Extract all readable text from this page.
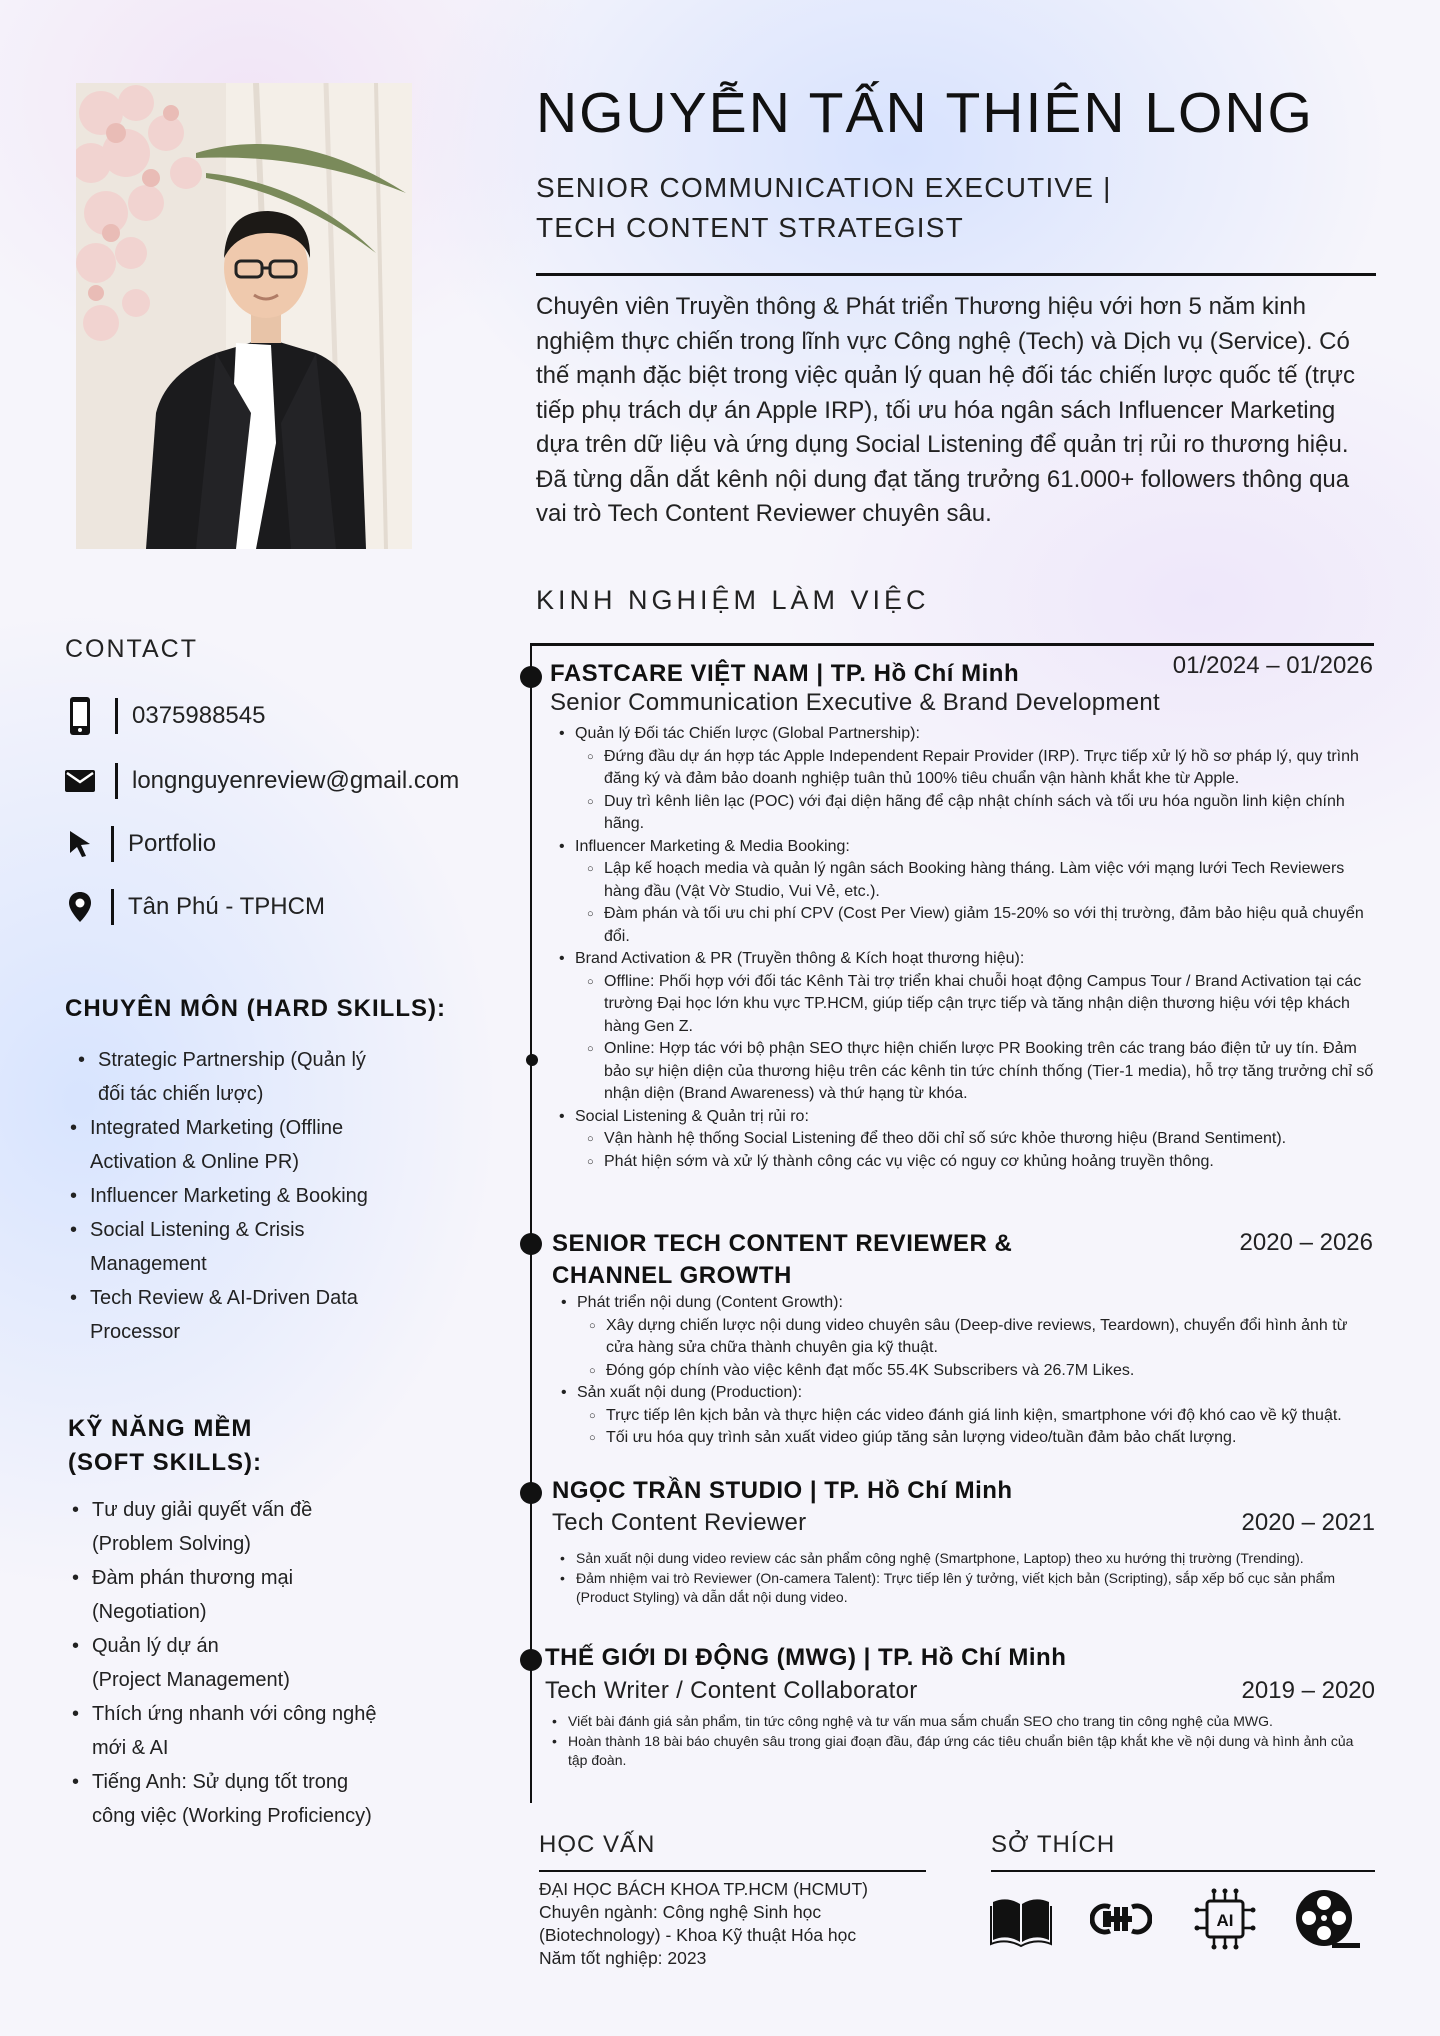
NGUYỄN TẤN THIÊN LONG
SENIOR COMMUNICATION EXECUTIVE |
TECH CONTENT STRATEGIST
Chuyên viên Truyền thông & Phát triển Thương hiệu với hơn 5 năm kinh nghiệm thực chiến trong lĩnh vực Công nghệ (Tech) và Dịch vụ (Service). Có thế mạnh đặc biệt trong việc quản lý quan hệ đối tác chiến lược quốc tế (trực tiếp phụ trách dự án Apple IRP), tối ưu hóa ngân sách Influencer Marketing dựa trên dữ liệu và ứng dụng Social Listening để quản trị rủi ro thương hiệu. Đã từng dẫn dắt kênh nội dung đạt tăng trưởng 61.000+ followers thông qua vai trò Tech Content Reviewer chuyên sâu.
CONTACT
0375988545
longnguyenreview@gmail.com
Portfolio
Tân Phú - TPHCM
CHUYÊN MÔN (HARD SKILLS):
• Strategic Partnership (Quản lý
đối tác chiến lược)
• Integrated Marketing (Offline
Activation & Online PR)
• Influencer Marketing & Booking
• Social Listening & Crisis
Management
• Tech Review & AI-Driven Data
Processor
KỸ NĂNG MỀM
(SOFT SKILLS):
• Tư duy giải quyết vấn đề
(Problem Solving)
• Đàm phán thương mại
(Negotiation)
• Quản lý dự án
(Project Management)
• Thích ứng nhanh với công nghệ
mới & AI
• Tiếng Anh: Sử dụng tốt trong
công việc (Working Proficiency)
KINH NGHIỆM LÀM VIỆC
FASTCARE VIỆT NAM | TP. Hồ Chí Minh	01/2024 – 01/2026
Senior Communication Executive & Brand Development
• Quản lý Đối tác Chiến lược (Global Partnership):
○ Đứng đầu dự án hợp tác Apple Independent Repair Provider (IRP). Trực tiếp xử lý hồ sơ pháp lý, quy trình đăng ký và đảm bảo doanh nghiệp tuân thủ 100% tiêu chuẩn vận hành khắt khe từ Apple.
○ Duy trì kênh liên lạc (POC) với đại diện hãng để cập nhật chính sách và tối ưu hóa nguồn linh kiện chính hãng.
• Influencer Marketing & Media Booking:
○ Lập kế hoạch media và quản lý ngân sách Booking hàng tháng. Làm việc với mạng lưới Tech Reviewers hàng đầu (Vật Vờ Studio, Vui Vẻ, etc.).
○ Đàm phán và tối ưu chi phí CPV (Cost Per View) giảm 15-20% so với thị trường, đảm bảo hiệu quả chuyển đổi.
• Brand Activation & PR (Truyền thông & Kích hoạt thương hiệu):
○ Offline: Phối hợp với đối tác Kênh Tài trợ triển khai chuỗi hoạt động Campus Tour / Brand Activation tại các trường Đại học lớn khu vực TP.HCM, giúp tiếp cận trực tiếp và tăng nhận diện thương hiệu với tệp khách hàng Gen Z.
○ Online: Hợp tác với bộ phận SEO thực hiện chiến lược PR Booking trên các trang báo điện tử uy tín. Đảm bảo sự hiện diện của thương hiệu trên các kênh tin tức chính thống (Tier-1 media), hỗ trợ tăng trưởng chỉ số nhận diện (Brand Awareness) và thứ hạng từ khóa.
• Social Listening & Quản trị rủi ro:
○ Vận hành hệ thống Social Listening để theo dõi chỉ số sức khỏe thương hiệu (Brand Sentiment).
○ Phát hiện sớm và xử lý thành công các vụ việc có nguy cơ khủng hoảng truyền thông.
SENIOR TECH CONTENT REVIEWER &
CHANNEL GROWTH
2020 – 2026
• Phát triển nội dung (Content Growth):
○ Xây dựng chiến lược nội dung video chuyên sâu (Deep-dive reviews, Teardown), chuyển đổi hình ảnh từ cửa hàng sửa chữa thành chuyên gia kỹ thuật.
○ Đóng góp chính vào việc kênh đạt mốc 55.4K Subscribers và 26.7M Likes.
• Sản xuất nội dung (Production):
○ Trực tiếp lên kịch bản và thực hiện các video đánh giá linh kiện, smartphone với độ khó cao về kỹ thuật.
○ Tối ưu hóa quy trình sản xuất video giúp tăng sản lượng video/tuần đảm bảo chất lượng.
NGỌC TRẦN STUDIO | TP. Hồ Chí Minh
Tech Content Reviewer	2020 – 2021
• Sản xuất nội dung video review các sản phẩm công nghệ (Smartphone, Laptop) theo xu hướng thị trường (Trending).
• Đảm nhiệm vai trò Reviewer (On-camera Talent): Trực tiếp lên ý tưởng, viết kịch bản (Scripting), sắp xếp bố cục sản phẩm (Product Styling) và dẫn dắt nội dung video.
THẾ GIỚI DI ĐỘNG (MWG) | TP. Hồ Chí Minh
Tech Writer / Content Collaborator	2019 – 2020
• Viết bài đánh giá sản phẩm, tin tức công nghệ và tư vấn mua sắm chuẩn SEO cho trang tin công nghệ của MWG.
• Hoàn thành 18 bài báo chuyên sâu trong giai đoạn đầu, đáp ứng các tiêu chuẩn biên tập khắt khe về nội dung và hình ảnh của tập đoàn.
HỌC VẤN
ĐẠI HỌC BÁCH KHOA TP.HCM (HCMUT)
Chuyên ngành: Công nghệ Sinh học
(Biotechnology) - Khoa Kỹ thuật Hóa học
Năm tốt nghiệp: 2023
SỞ THÍCH
AI
